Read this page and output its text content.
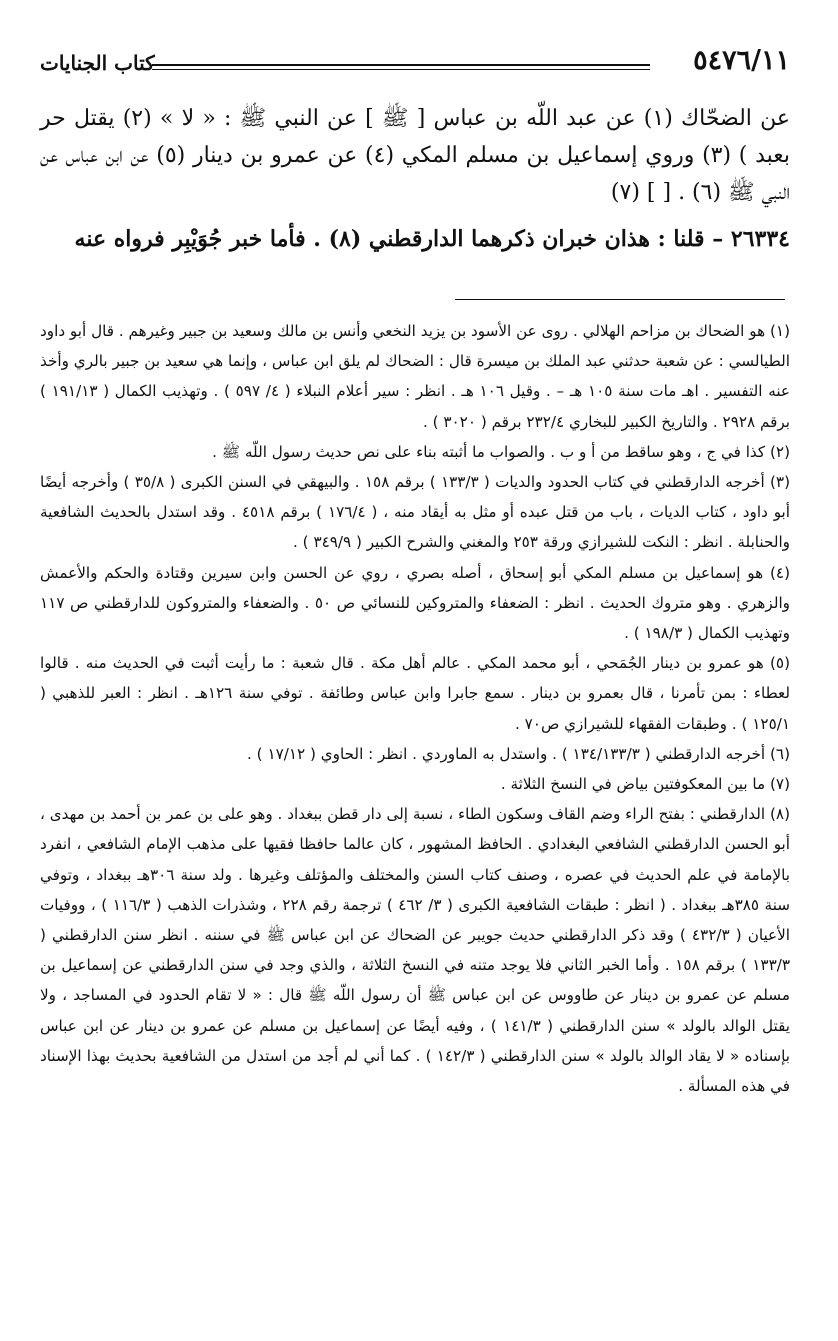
٥٤٧٦/١١
كتاب الجنايات

عن الضحّاك (١) عن عبد اللّه بن عباس [ ﷺ ] عن النبي ﷺ : « لا » (٢) يقتل حر بعبد ) (٣) وروي إسماعيل بن مسلم المكي (٤) عن عمرو بن دينار (٥) عن ابن عباس عن النبي ﷺ (٦) . [ ] (٧)

٢٦٣٣٤ – قلنا : هذان خبران ذكرهما الدارقطني (٨) . فأما خبر جُوَيْبِر فرواه عنه

(١) هو الضحاك بن مزاحم الهلالي . روى عن الأسود بن يزيد النخعي وأنس بن مالك وسعيد بن جبير وغيرهم . قال أبو داود الطيالسي : عن شعبة حدثني عبد الملك بن ميسرة قال : الضحاك لم يلق ابن عباس ، وإنما هي سعيد بن جبير بالري وأخذ عنه التفسير . اهـ مات سنة ١٠٥ هـ – . وقيل ١٠٦ هـ . انظر : سير أعلام النبلاء ( ٤/ ٥٩٧ ) . وتهذيب الكمال ( ١٩١/١٣ ) برقم ٢٩٢٨ . والتاريخ الكبير للبخاري ٢٣٢/٤ برقم ( ٣٠٢٠ ) .

(٢) كذا في ج ، وهو ساقط من أ و ب . والصواب ما أثبته بناء على نص حديث رسول اللّه ﷺ .

(٣) أخرجه الدارقطني في كتاب الحدود والديات ( ١٣٣/٣ ) برقم ١٥٨ . والبيهقي في السنن الكبرى ( ٣٥/٨ ) وأخرجه أيضًا أبو داود ، كتاب الديات ، باب من قتل عبده أو مثل به أيقاد منه ، ( ١٧٦/٤ ) برقم ٤٥١٨ . وقد استدل بالحديث الشافعية والحنابلة . انظر : النكت للشيرازي ورقة ٢٥٣ والمغني والشرح الكبير ( ٣٤٩/٩ ) .

(٤) هو إسماعيل بن مسلم المكي أبو إسحاق ، أصله بصري ، روي عن الحسن وابن سيرين وقتادة والحكم والأعمش والزهري . وهو متروك الحديث . انظر : الضعفاء والمتروكين للنسائي ص ٥٠ . والضعفاء والمتروكون للدارقطني ص ١١٧ وتهذيب الكمال ( ١٩٨/٣ ) .

(٥) هو عمرو بن دينار الجُمَحي ، أبو محمد المكي . عالم أهل مكة . قال شعبة : ما رأيت أثبت في الحديث منه . قالوا لعطاء : بمن تأمرنا ، قال بعمرو بن دينار . سمع جابرا وابن عباس وطائفة . توفي سنة ١٢٦هـ . انظر : العبر للذهبي ( ١٢٥/١ ) . وطبقات الفقهاء للشيرازي ص٧٠ .

(٦) أخرجه الدارقطني ( ١٣٤/١٣٣/٣ ) . واستدل به الماوردي . انظر : الحاوي ( ١٧/١٢ ) .

(٧) ما بين المعكوفتين بياض في النسخ الثلاثة .

(٨) الدارقطني : بفتح الراء وضم القاف وسكون الطاء ، نسبة إلى دار قطن ببغداد . وهو على بن عمر بن أحمد بن مهدى ، أبو الحسن الدارقطني الشافعي البغدادي . الحافظ المشهور ، كان عالما حافظا فقيها على مذهب الإمام الشافعي ، انفرد بالإمامة في علم الحديث في عصره ، وصنف كتاب السنن والمختلف والمؤتلف وغيرها . ولد سنة ٣٠٦هـ ببغداد ، وتوفي سنة ٣٨٥هـ ببغداد . ( انظر : طبقات الشافعية الكبرى ( ٣/ ٤٦٢ ) ترجمة رقم ٢٢٨ ، وشذرات الذهب ( ١١٦/٣ ) ، ووفيات الأعيان ( ٤٣٢/٣ ) وقد ذكر الدارقطني حديث جويبر عن الضحاك عن ابن عباس ﷺ في سننه . انظر سنن الدارقطني ( ١٣٣/٣ ) برقم ١٥٨ . وأما الخبر الثاني فلا يوجد متنه في النسخ الثلاثة ، والذي وجد في سنن الدارقطني عن إسماعيل بن مسلم عن عمرو بن دينار عن طاووس عن ابن عباس ﷺ أن رسول اللّه ﷺ قال : « لا تقام الحدود في المساجد ، ولا يقتل الوالد بالولد » سنن الدارقطني ( ١٤١/٣ ) ، وفيه أيضًا عن إسماعيل بن مسلم عن عمرو بن دينار عن ابن عباس بإسناده « لا يقاد الوالد بالولد » سنن الدارقطني ( ١٤٢/٣ ) . كما أني لم أجد من استدل من الشافعية بحديث بهذا الإسناد في هذه المسألة .
